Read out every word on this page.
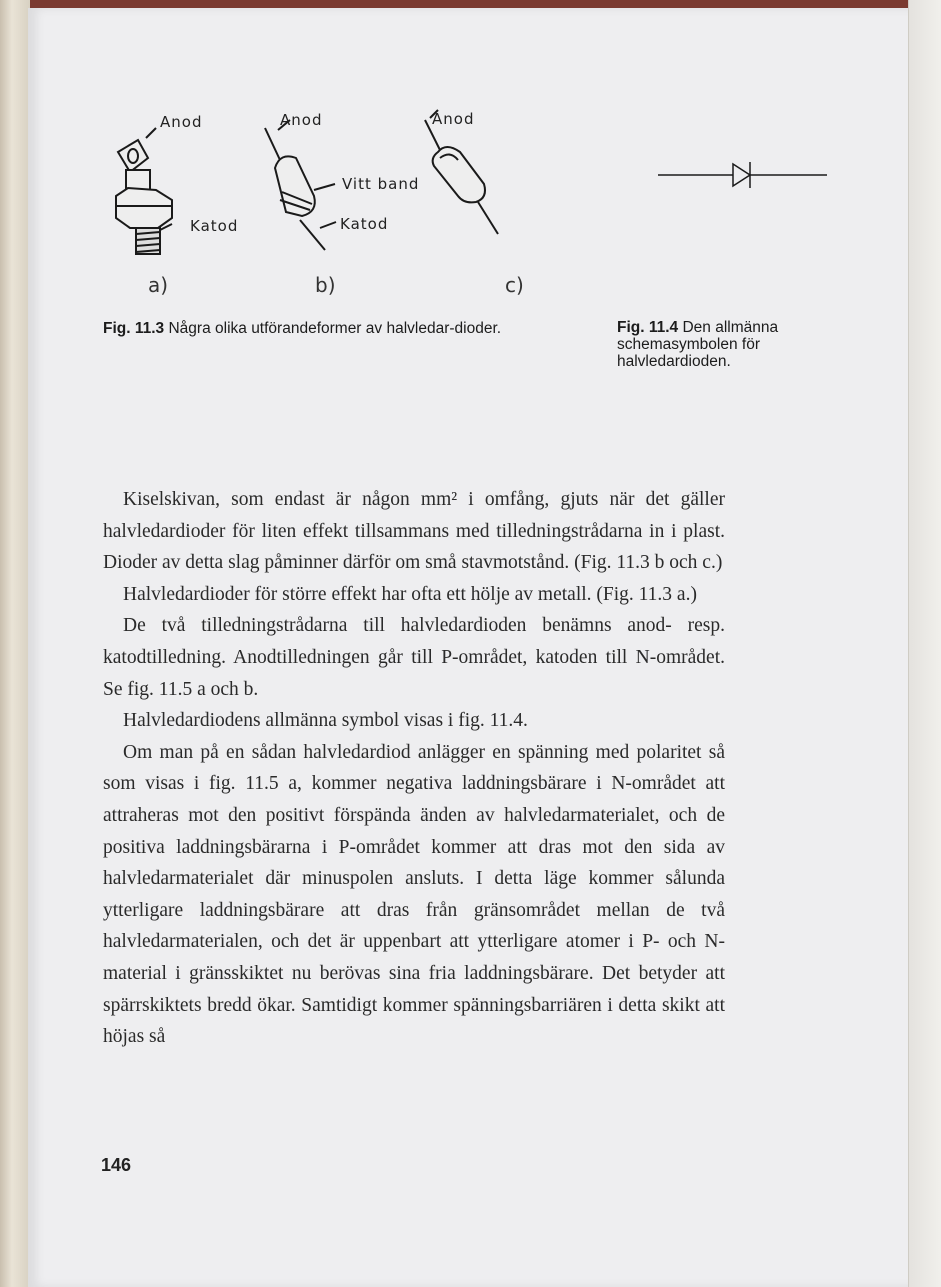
Anod
Katod
Anod
Vitt band
Katod
Anod
a)	b)	c)
Fig. 11.3 Några olika utförandeformer av halvledar-dioder.	Fig. 11.4 Den allmänna schemasymbolen för halvledardioden.

Kiselskivan, som endast är någon mm² i omfång, gjuts när det gäller halvledardioder för liten effekt tillsammans med tilledningstrådarna in i plast. Dioder av detta slag påminner därför om små stavmotstånd. (Fig. 11.3 b och c.)

Halvledardioder för större effekt har ofta ett hölje av metall. (Fig. 11.3 a.)

De två tilledningstrådarna till halvledardioden benämns anod- resp. katodtilledning. Anodtilledningen går till P-området, katoden till N-området. Se fig. 11.5 a och b.

Halvledardiodens allmänna symbol visas i fig. 11.4.

Om man på en sådan halvledardiod anlägger en spänning med polaritet så som visas i fig. 11.5 a, kommer negativa laddningsbärare i N-området att attraheras mot den positivt förspända änden av halvledarmaterialet, och de positiva laddningsbärarna i P-området kommer att dras mot den sida av halvledarmaterialet där minuspolen ansluts. I detta läge kommer sålunda ytterligare laddningsbärare att dras från gränsområdet mellan de två halvledarmaterialen, och det är uppenbart att ytterligare atomer i P- och N-material i gränsskiktet nu berövas sina fria laddningsbärare. Det betyder att spärrskiktets bredd ökar. Samtidigt kommer spänningsbarriären i detta skikt att höjas så

146
